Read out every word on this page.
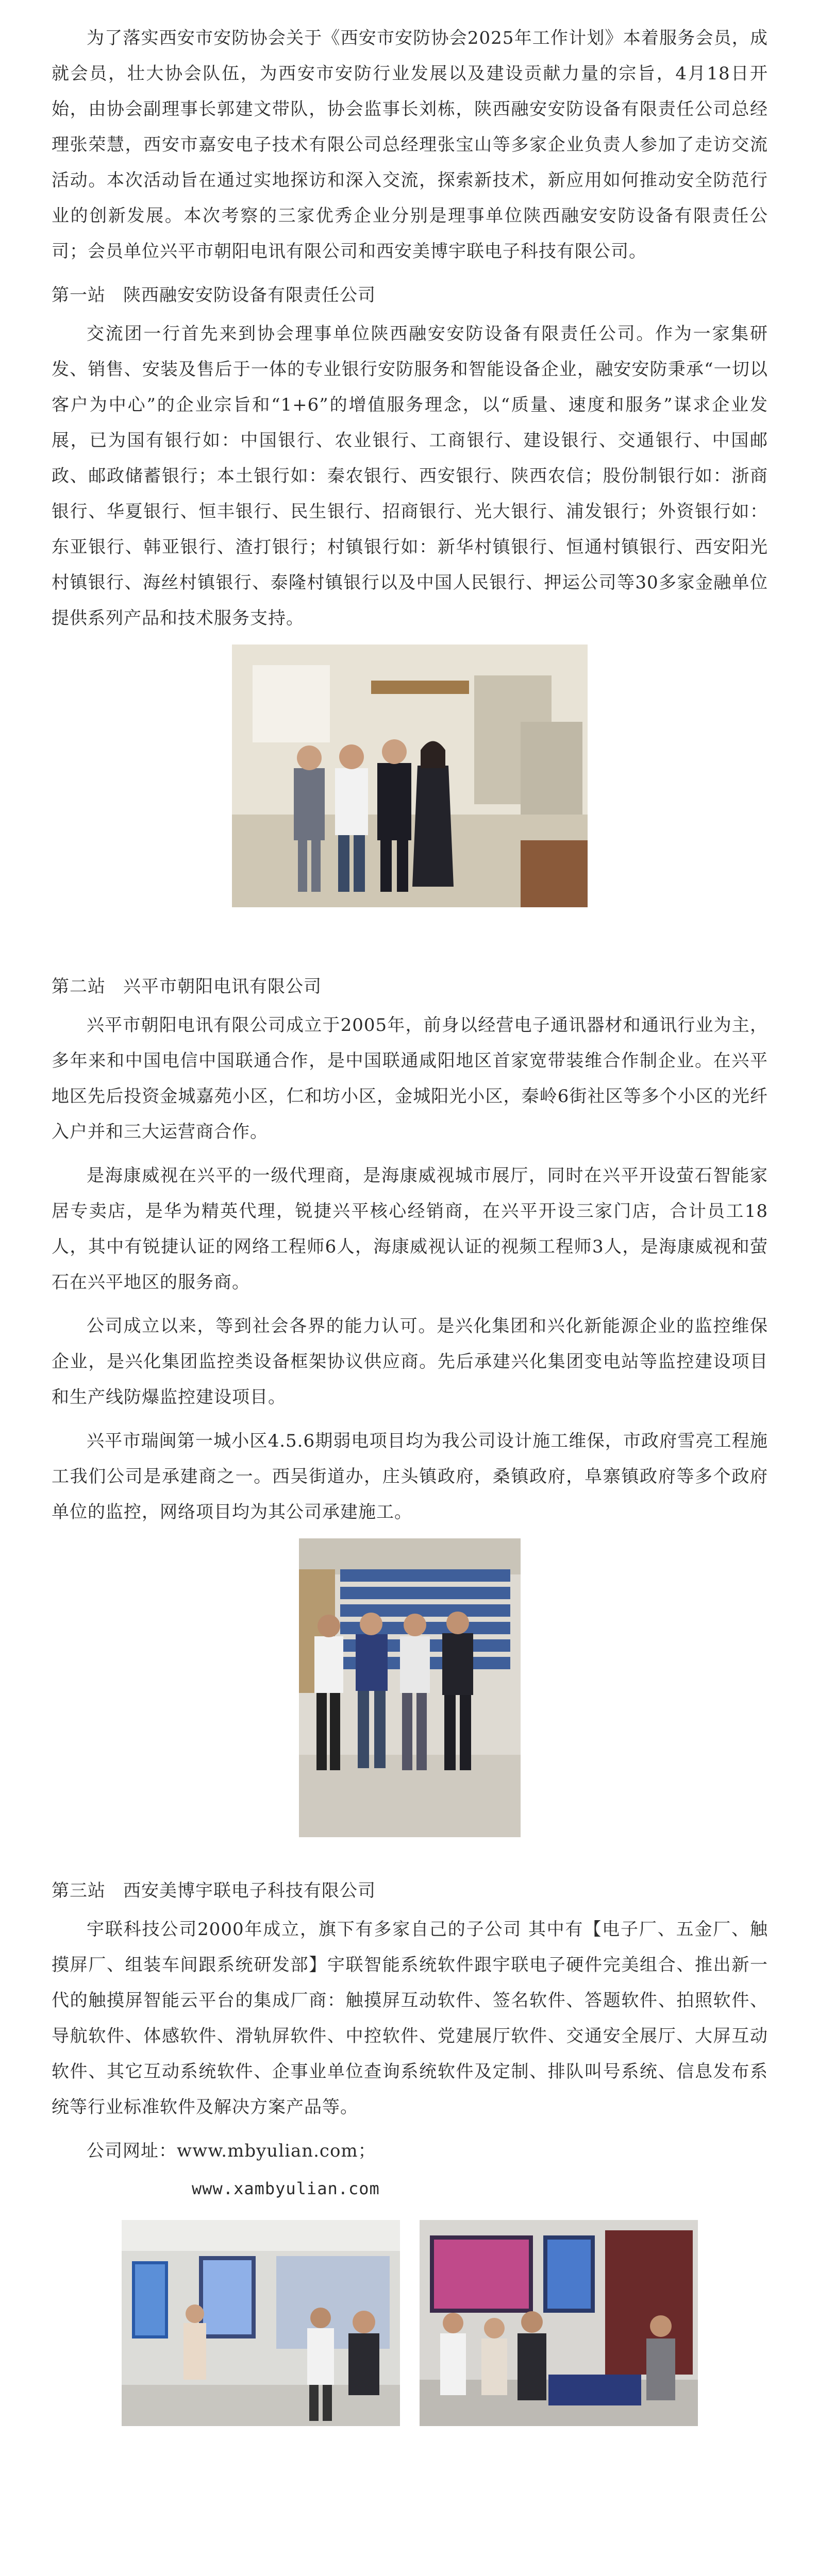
为了落实西安市安防协会关于《西安市安防协会2025年工作计划》本着服务会员，成就会员，壮大协会队伍，为西安市安防行业发展以及建设贡献力量的宗旨，4月18日开始，由协会副理事长郭建文带队，协会监事长刘栋，陕西融安安防设备有限责任公司总经理张荣慧，西安市嘉安电子技术有限公司总经理张宝山等多家企业负责人参加了走访交流活动。本次活动旨在通过实地探访和深入交流，探索新技术，新应用如何推动安全防范行业的创新发展。本次考察的三家优秀企业分别是理事单位陕西融安安防设备有限责任公司；会员单位兴平市朝阳电讯有限公司和西安美博宇联电子科技有限公司。

第一站 陕西融安安防设备有限责任公司

交流团一行首先来到协会理事单位陕西融安安防设备有限责任公司。作为一家集研发、销售、安装及售后于一体的专业银行安防服务和智能设备企业，融安安防秉承“一切以客户为中心”的企业宗旨和“1+6”的增值服务理念，以“质量、速度和服务”谋求企业发展，已为国有银行如：中国银行、农业银行、工商银行、建设银行、交通银行、中国邮政、邮政储蓄银行；本土银行如：秦农银行、西安银行、陕西农信；股份制银行如：浙商银行、华夏银行、恒丰银行、民生银行、招商银行、光大银行、浦发银行；外资银行如：东亚银行、韩亚银行、渣打银行；村镇银行如：新华村镇银行、恒通村镇银行、西安阳光村镇银行、海丝村镇银行、泰隆村镇银行以及中国人民银行、押运公司等30多家金融单位提供系列产品和技术服务支持。

第二站 兴平市朝阳电讯有限公司

兴平市朝阳电讯有限公司成立于2005年，前身以经营电子通讯器材和通讯行业为主，多年来和中国电信中国联通合作，是中国联通咸阳地区首家宽带装维合作制企业。在兴平地区先后投资金城嘉苑小区，仁和坊小区，金城阳光小区，秦岭6街社区等多个小区的光纤入户并和三大运营商合作。

是海康威视在兴平的一级代理商，是海康威视城市展厅，同时在兴平开设萤石智能家居专卖店，是华为精英代理，锐捷兴平核心经销商，在兴平开设三家门店，合计员工18人，其中有锐捷认证的网络工程师6人，海康威视认证的视频工程师3人，是海康威视和萤石在兴平地区的服务商。

公司成立以来，等到社会各界的能力认可。是兴化集团和兴化新能源企业的监控维保企业，是兴化集团监控类设备框架协议供应商。先后承建兴化集团变电站等监控建设项目和生产线防爆监控建设项目。

兴平市瑞闽第一城小区4.5.6期弱电项目均为我公司设计施工维保，市政府雪亮工程施工我们公司是承建商之一。西吴街道办，庄头镇政府，桑镇政府，阜寨镇政府等多个政府单位的监控，网络项目均为其公司承建施工。

第三站 西安美博宇联电子科技有限公司

宇联科技公司2000年成立，旗下有多家自己的子公司 其中有【电子厂、五金厂、触摸屏厂、组装车间跟系统研发部】宇联智能系统软件跟宇联电子硬件完美组合、推出新一代的触摸屏智能云平台的集成厂商：触摸屏互动软件、签名软件、答题软件、拍照软件、导航软件、体感软件、滑轨屏软件、中控软件、党建展厅软件、交通安全展厅、大屏互动软件、其它互动系统软件、企事业单位查询系统软件及定制、排队叫号系统、信息发布系统等行业标准软件及解决方案产品等。

公司网址：www.mbyulian.com；
www.xambyulian.com
